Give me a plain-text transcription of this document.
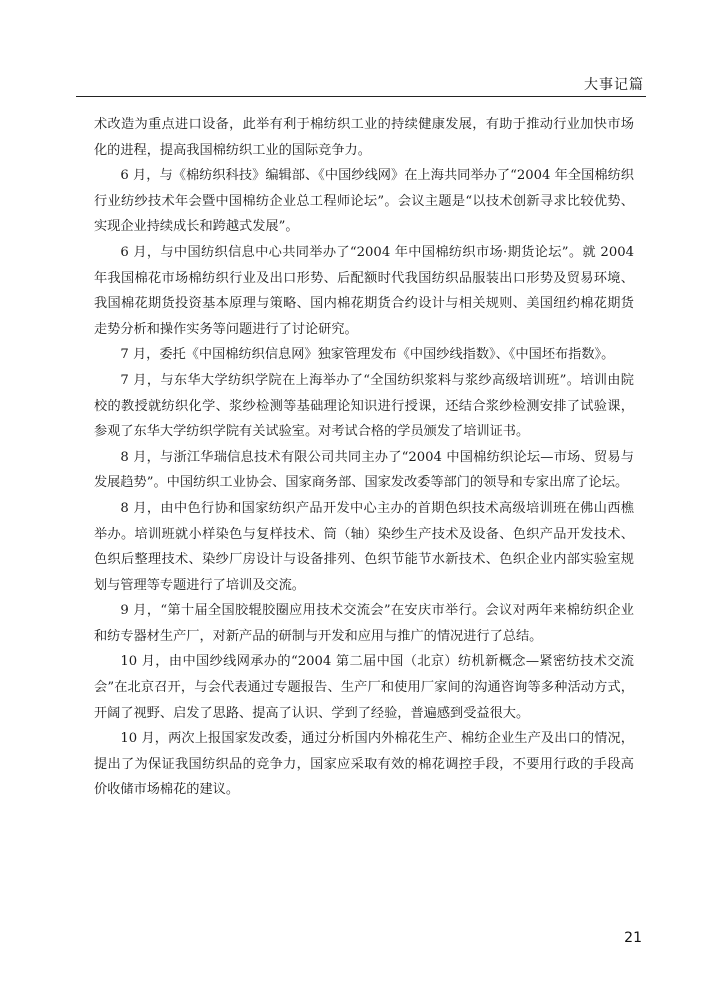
大事记篇

术改造为重点进口设备，此举有利于棉纺织工业的持续健康发展，有助于推动行业加快市场化的进程，提高我国棉纺织工业的国际竞争力。

6 月，与《棉纺织科技》编辑部、《中国纱线网》在上海共同举办了“2004 年全国棉纺织行业纺纱技术年会暨中国棉纺企业总工程师论坛”。会议主题是“以技术创新寻求比较优势、实现企业持续成长和跨越式发展”。

6 月，与中国纺织信息中心共同举办了“2004 年中国棉纺织市场·期货论坛”。就 2004 年我国棉花市场棉纺织行业及出口形势、后配额时代我国纺织品服装出口形势及贸易环境、我国棉花期货投资基本原理与策略、国内棉花期货合约设计与相关规则、美国纽约棉花期货走势分析和操作实务等问题进行了讨论研究。

7 月，委托《中国棉纺织信息网》独家管理发布《中国纱线指数》、《中国坯布指数》。

7 月，与东华大学纺织学院在上海举办了“全国纺织浆料与浆纱高级培训班”。培训由院校的教授就纺织化学、浆纱检测等基础理论知识进行授课，还结合浆纱检测安排了试验课，参观了东华大学纺织学院有关试验室。对考试合格的学员颁发了培训证书。

8 月，与浙江华瑞信息技术有限公司共同主办了“2004 中国棉纺织论坛—市场、贸易与发展趋势”。中国纺织工业协会、国家商务部、国家发改委等部门的领导和专家出席了论坛。

8 月，由中色行协和国家纺织产品开发中心主办的首期色织技术高级培训班在佛山西樵举办。培训班就小样染色与复样技术、筒（轴）染纱生产技术及设备、色织产品开发技术、色织后整理技术、染纱厂房设计与设备排列、色织节能节水新技术、色织企业内部实验室规划与管理等专题进行了培训及交流。

9 月，“第十届全国胶辊胶圈应用技术交流会”在安庆市举行。会议对两年来棉纺织企业和纺专器材生产厂，对新产品的研制与开发和应用与推广的情况进行了总结。

10 月，由中国纱线网承办的“2004 第二届中国（北京）纺机新概念—紧密纺技术交流会”在北京召开，与会代表通过专题报告、生产厂和使用厂家间的沟通咨询等多种活动方式，开阔了视野、启发了思路、提高了认识、学到了经验，普遍感到受益很大。

10 月，两次上报国家发改委，通过分析国内外棉花生产、棉纺企业生产及出口的情况，提出了为保证我国纺织品的竞争力，国家应采取有效的棉花调控手段，不要用行政的手段高价收储市场棉花的建议。

21
